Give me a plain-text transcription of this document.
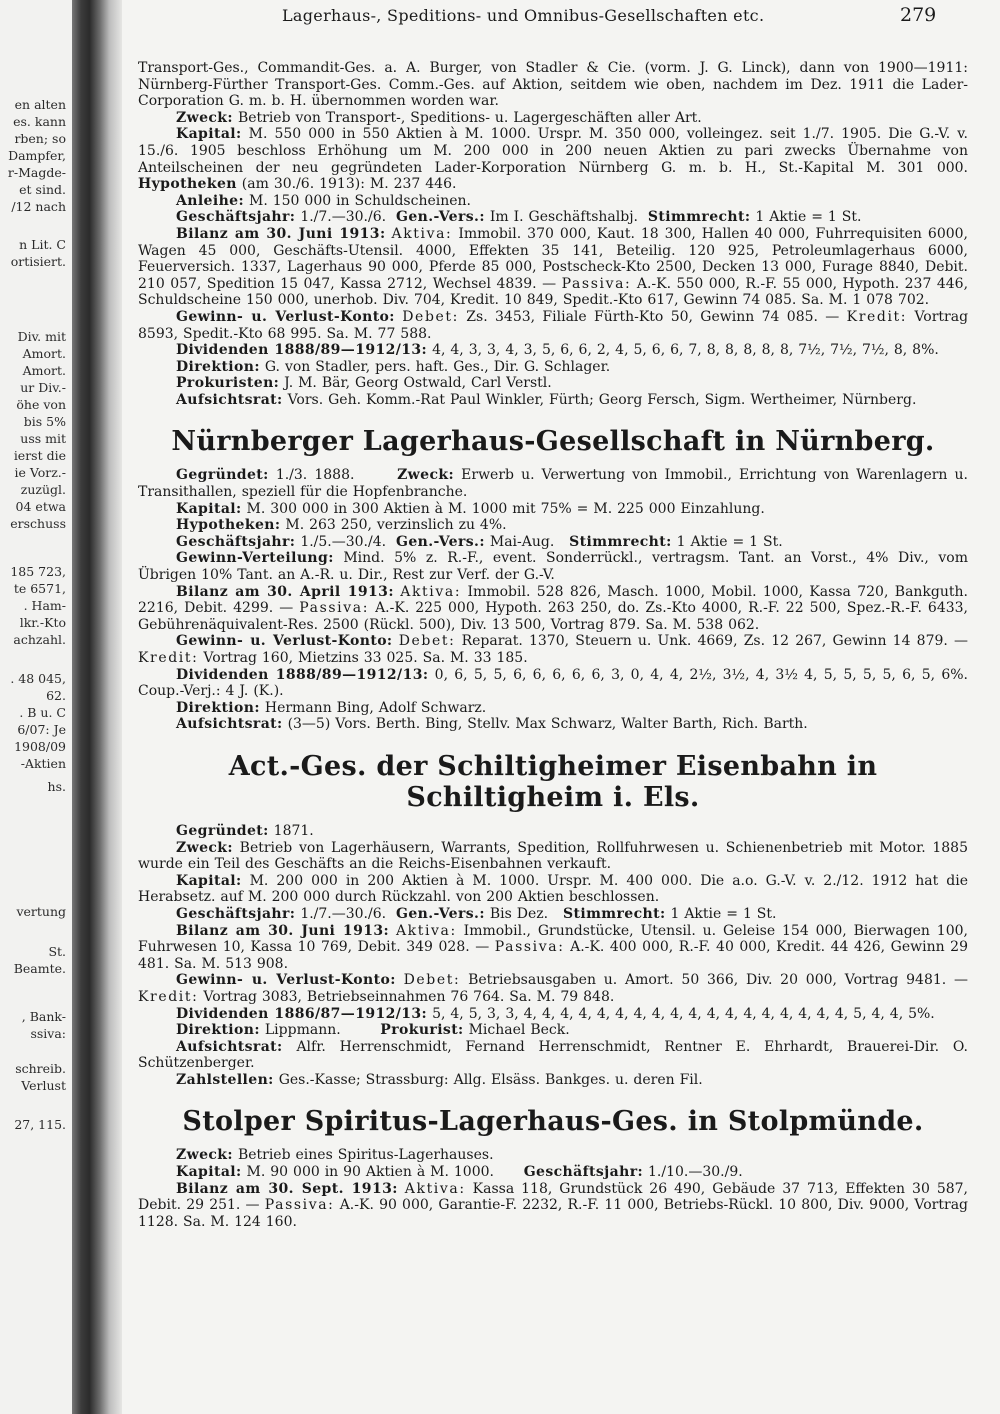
en alten
es. kann
rben; so
Dampfer,
r-Magde-
et sind.
/12 nach
n Lit. C
ortisiert.
Div. mit
Amort.
Amort.
ur Div.-
öhe von
bis 5%
uss mit
ierst die
ie Vorz.-
zuzügl.
04 etwa
erschuss
185 723,
te 6571,
. Ham-
lkr.-Kto
achzahl.
. 48 045,
62.
. B u. C
6/07: Je
1908/09
-Aktien
hs.
vertung
St.
Beamte.
, Bank-
ssiva:
schreib.
Verlust
27, 115.
Lagerhaus-, Speditions- und Omnibus-Gesellschaften etc.	279

Transport-Ges., Commandit-Ges. a. A. Burger, von Stadler & Cie. (vorm. J. G. Linck), dann von 1900—1911: Nürnberg-Fürther Transport-Ges. Comm.-Ges. auf Aktion, seitdem wie oben, nachdem im Dez. 1911 die Lader-Corporation G. m. b. H. übernommen worden war.

Zweck: Betrieb von Transport-, Speditions- u. Lagergeschäften aller Art.

Kapital: M. 550 000 in 550 Aktien à M. 1000. Urspr. M. 350 000, volleingez. seit 1./7. 1905. Die G.-V. v. 15./6. 1905 beschloss Erhöhung um M. 200 000 in 200 neuen Aktien zu pari zwecks Übernahme von Anteilscheinen der neu gegründeten Lader-Korporation Nürnberg G. m. b. H., St.-Kapital M. 301 000. Hypotheken (am 30./6. 1913): M. 237 446.

Anleihe: M. 150 000 in Schuldscheinen.

Geschäftsjahr: 1./7.—30./6. Gen.-Vers.: Im I. Geschäftshalbj. Stimmrecht: 1 Aktie = 1 St.

Bilanz am 30. Juni 1913: Aktiva: Immobil. 370 000, Kaut. 18 300, Hallen 40 000, Fuhrrequisiten 6000, Wagen 45 000, Geschäfts-Utensil. 4000, Effekten 35 141, Beteilig. 120 925, Petroleumlagerhaus 6000, Feuerversich. 1337, Lagerhaus 90 000, Pferde 85 000, Postscheck-Kto 2500, Decken 13 000, Furage 8840, Debit. 210 057, Spedition 15 047, Kassa 2712, Wechsel 4839. — Passiva: A.-K. 550 000, R.-F. 55 000, Hypoth. 237 446, Schuldscheine 150 000, unerhob. Div. 704, Kredit. 10 849, Spedit.-Kto 617, Gewinn 74 085. Sa. M. 1 078 702.

Gewinn- u. Verlust-Konto: Debet: Zs. 3453, Filiale Fürth-Kto 50, Gewinn 74 085. — Kredit: Vortrag 8593, Spedit.-Kto 68 995. Sa. M. 77 588.

Dividenden 1888/89—1912/13: 4, 4, 3, 3, 4, 3, 5, 6, 6, 2, 4, 5, 6, 6, 7, 8, 8, 8, 8, 8, 7½, 7½, 7½, 8, 8%.

Direktion: G. von Stadler, pers. haft. Ges., Dir. G. Schlager.

Prokuristen: J. M. Bär, Georg Ostwald, Carl Verstl.

Aufsichtsrat: Vors. Geh. Komm.-Rat Paul Winkler, Fürth; Georg Fersch, Sigm. Wertheimer, Nürnberg.

Nürnberger Lagerhaus-Gesellschaft in Nürnberg.

Gegründet: 1./3. 1888.	Zweck: Erwerb u. Verwertung von Immobil., Errichtung von Warenlagern u. Transithallen, speziell für die Hopfenbranche.

Kapital: M. 300 000 in 300 Aktien à M. 1000 mit 75% = M. 225 000 Einzahlung.

Hypotheken: M. 263 250, verzinslich zu 4%.

Geschäftsjahr: 1./5.—30./4. Gen.-Vers.: Mai-Aug. Stimmrecht: 1 Aktie = 1 St.

Gewinn-Verteilung: Mind. 5% z. R.-F., event. Sonderrückl., vertragsm. Tant. an Vorst., 4% Div., vom Übrigen 10% Tant. an A.-R. u. Dir., Rest zur Verf. der G.-V.

Bilanz am 30. April 1913: Aktiva: Immobil. 528 826, Masch. 1000, Mobil. 1000, Kassa 720, Bankguth. 2216, Debit. 4299. — Passiva: A.-K. 225 000, Hypoth. 263 250, do. Zs.-Kto 4000, R.-F. 22 500, Spez.-R.-F. 6433, Gebührenäquivalent-Res. 2500 (Rückl. 500), Div. 13 500, Vortrag 879. Sa. M. 538 062.

Gewinn- u. Verlust-Konto: Debet: Reparat. 1370, Steuern u. Unk. 4669, Zs. 12 267, Gewinn 14 879. — Kredit: Vortrag 160, Mietzins 33 025. Sa. M. 33 185.

Dividenden 1888/89—1912/13: 0, 6, 5, 5, 6, 6, 6, 6, 6, 3, 0, 4, 4, 2½, 3½, 4, 3½ 4, 5, 5, 5, 5, 6, 5, 6%. Coup.-Verj.: 4 J. (K.).

Direktion: Hermann Bing, Adolf Schwarz.

Aufsichtsrat: (3—5) Vors. Berth. Bing, Stellv. Max Schwarz, Walter Barth, Rich. Barth.

Act.-Ges. der Schiltigheimer Eisenbahn in Schiltigheim i. Els.

Gegründet: 1871.

Zweck: Betrieb von Lagerhäusern, Warrants, Spedition, Rollfuhrwesen u. Schienenbetrieb mit Motor. 1885 wurde ein Teil des Geschäfts an die Reichs-Eisenbahnen verkauft.

Kapital: M. 200 000 in 200 Aktien à M. 1000. Urspr. M. 400 000. Die a.o. G.-V. v. 2./12. 1912 hat die Herabsetz. auf M. 200 000 durch Rückzahl. von 200 Aktien beschlossen.

Geschäftsjahr: 1./7.—30./6. Gen.-Vers.: Bis Dez. Stimmrecht: 1 Aktie = 1 St.

Bilanz am 30. Juni 1913: Aktiva: Immobil., Grundstücke, Utensil. u. Geleise 154 000, Bierwagen 100, Fuhrwesen 10, Kassa 10 769, Debit. 349 028. — Passiva: A.-K. 400 000, R.-F. 40 000, Kredit. 44 426, Gewinn 29 481. Sa. M. 513 908.

Gewinn- u. Verlust-Konto: Debet: Betriebsausgaben u. Amort. 50 366, Div. 20 000, Vortrag 9481. — Kredit: Vortrag 3083, Betriebseinnahmen 76 764. Sa. M. 79 848.

Dividenden 1886/87—1912/13: 5, 4, 5, 3, 3, 4, 4, 4, 4, 4, 4, 4, 4, 4, 4, 4, 4, 4, 4, 4, 4, 4, 4, 5, 4, 4, 5%.

Direktion: Lippmann.	Prokurist: Michael Beck.

Aufsichtsrat: Alfr. Herrenschmidt, Fernand Herrenschmidt, Rentner E. Ehrhardt, Brauerei-Dir. O. Schützenberger.

Zahlstellen: Ges.-Kasse; Strassburg: Allg. Elsäss. Bankges. u. deren Fil.

Stolper Spiritus-Lagerhaus-Ges. in Stolpmünde.

Zweck: Betrieb eines Spiritus-Lagerhauses.

Kapital: M. 90 000 in 90 Aktien à M. 1000. Geschäftsjahr: 1./10.—30./9.

Bilanz am 30. Sept. 1913: Aktiva: Kassa 118, Grundstück 26 490, Gebäude 37 713, Effekten 30 587, Debit. 29 251. — Passiva: A.-K. 90 000, Garantie-F. 2232, R.-F. 11 000, Betriebs-Rückl. 10 800, Div. 9000, Vortrag 1128. Sa. M. 124 160.
